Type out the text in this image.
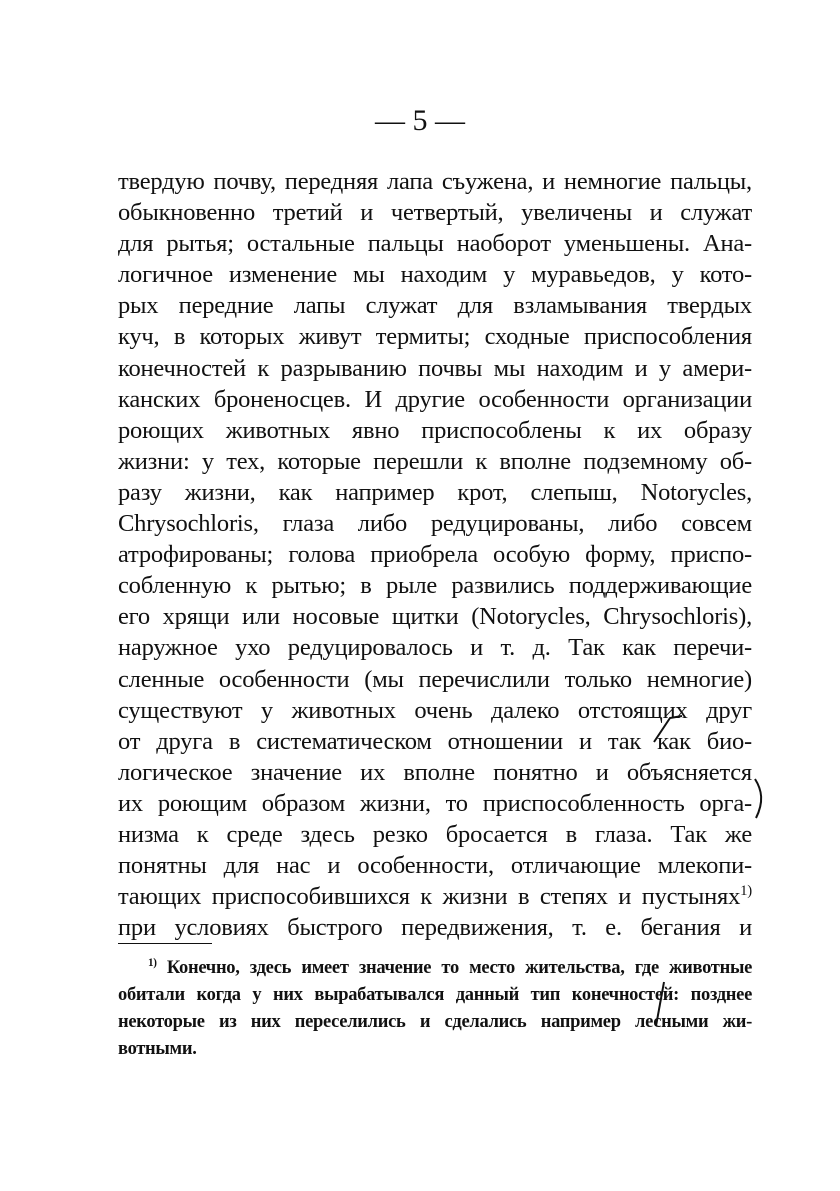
— 5 —
твердую почву, передняя лапа съужена, и немногие пальцы,
обыкновенно третий и четвертый, увеличены и служат
для рытья; остальные пальцы наоборот уменьшены. Ана-
логичное изменение мы находим у муравьедов, у кото-
рых передние лапы служат для взламывания твердых
куч, в которых живут термиты; сходные приспособления
конечностей к разрыванию почвы мы находим и у амери-
канских броненосцев. И другие особенности организации
роющих животных явно приспособлены к их образу
жизни: у тех, которые перешли к вполне подземному об-
разу жизни, как например крот, слепыш, Notorycles,
Chrysochloris, глаза либо редуцированы, либо совсем
атрофированы; голова приобрела особую форму, приспо-
собленную к рытью; в рыле развились поддерживающие
его хрящи или носовые щитки (Notorycles, Chrysochloris),
наружное ухо редуцировалось и т. д. Так как перечи-
сленные особенности (мы перечислили только немногие)
существуют у животных очень далеко отстоящих друг
от друга в систематическом отношении и так как био-
логическое значение их вполне понятно и объясняется
их роющим образом жизни, то приспособленность орга-
низма к среде здесь резко бросается в глаза. Так же
понятны для нас и особенности, отличающие млекопи-
тающих приспособившихся к жизни в степях и пустынях$^{1)}$
при условиях быстрого передвижения, т. е. бегания и
$^{1)}$ Конечно, здесь имеет значение то место жительства, где животные
обитали когда у них вырабатывался данный тип конечностей: позднее
некоторые из них переселились и сделались например лесными жи-
вотными.
